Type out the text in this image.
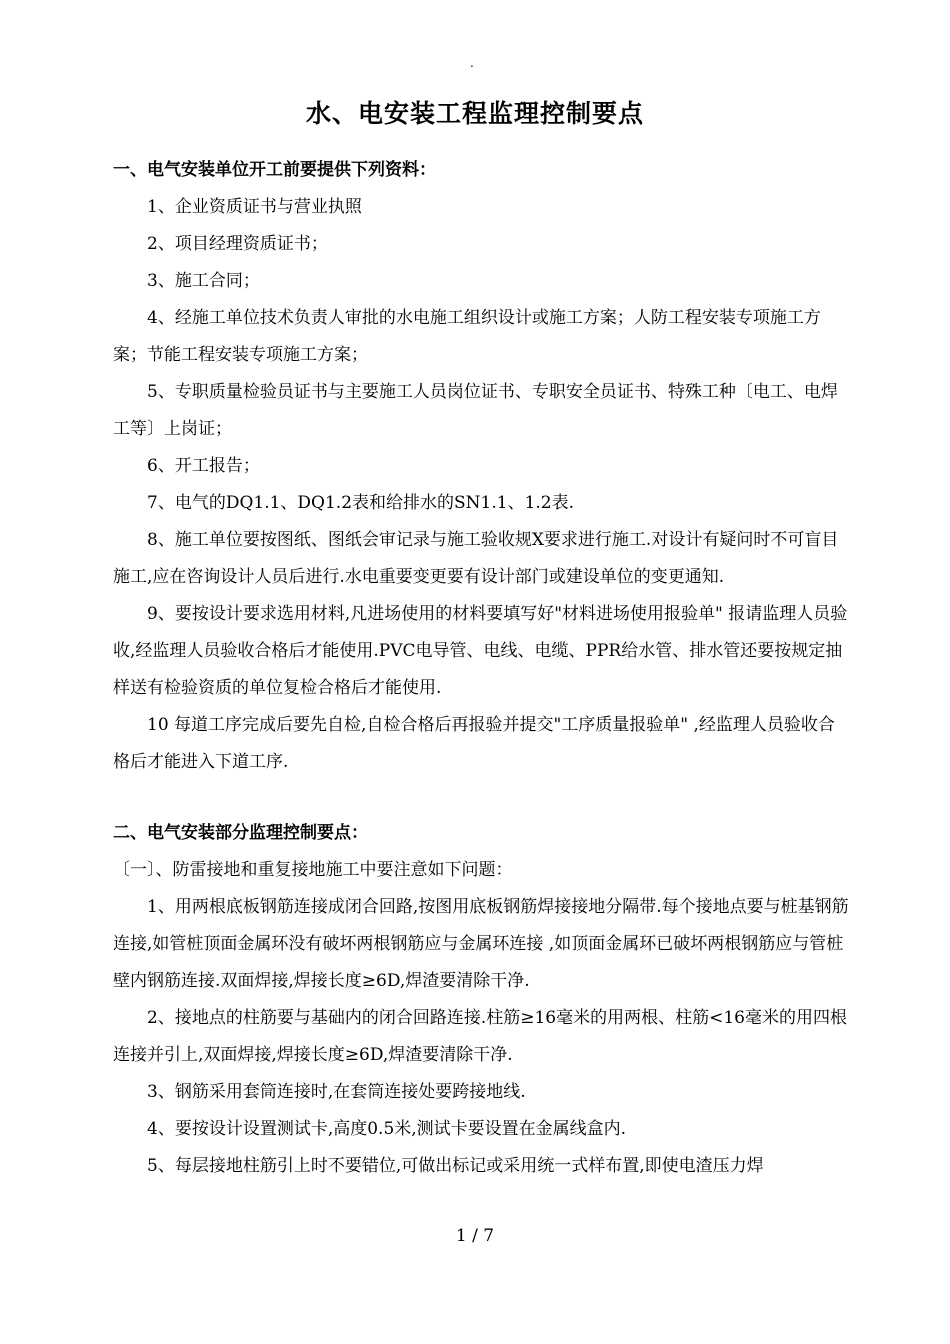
.
水、电安装工程监理控制要点
一、电气安装单位开工前要提供下列资料：

1、企业资质证书与营业执照

2、项目经理资质证书；

3、施工合同；

4、经施工单位技术负责人审批的水电施工组织设计或施工方案；人防工程安装专项施工方案；节能工程安装专项施工方案；

5、专职质量检验员证书与主要施工人员岗位证书、专职安全员证书、特殊工种〔电工、电焊工等〕上岗证；

6、开工报告；

7、电气的DQ1.1、DQ1.2表和给排水的SN1.1、1.2表.

8、施工单位要按图纸、图纸会审记录与施工验收规X要求进行施工.对设计有疑问时不可盲目施工,应在咨询设计人员后进行.水电重要变更要有设计部门或建设单位的变更通知.

9、要按设计要求选用材料,凡进场使用的材料要填写好"材料进场使用报验单" 报请监理人员验收,经监理人员验收合格后才能使用.PVC电导管、电线、电缆、PPR给水管、排水管还要按规定抽样送有检验资质的单位复检合格后才能使用.

10 每道工序完成后要先自检,自检合格后再报验并提交"工序质量报验单" ,经监理人员验收合格后才能进入下道工序.

二、电气安装部分监理控制要点：

〔一〕、防雷接地和重复接地施工中要注意如下问题：

1、用两根底板钢筋连接成闭合回路,按图用底板钢筋焊接接地分隔带.每个接地点要与桩基钢筋连接,如管桩顶面金属环没有破坏两根钢筋应与金属环连接 ,如顶面金属环已破坏两根钢筋应与管桩壁内钢筋连接.双面焊接,焊接长度≥6D,焊渣要清除干净.

2、接地点的柱筋要与基础内的闭合回路连接.柱筋≥16毫米的用两根、柱筋<16毫米的用四根连接并引上,双面焊接,焊接长度≥6D,焊渣要清除干净.

3、钢筋采用套筒连接时,在套筒连接处要跨接地线.

4、要按设计设置测试卡,高度0.5米,测试卡要设置在金属线盒内.

5、每层接地柱筋引上时不要错位,可做出标记或采用统一式样布置,即使电渣压力焊

1 / 7
